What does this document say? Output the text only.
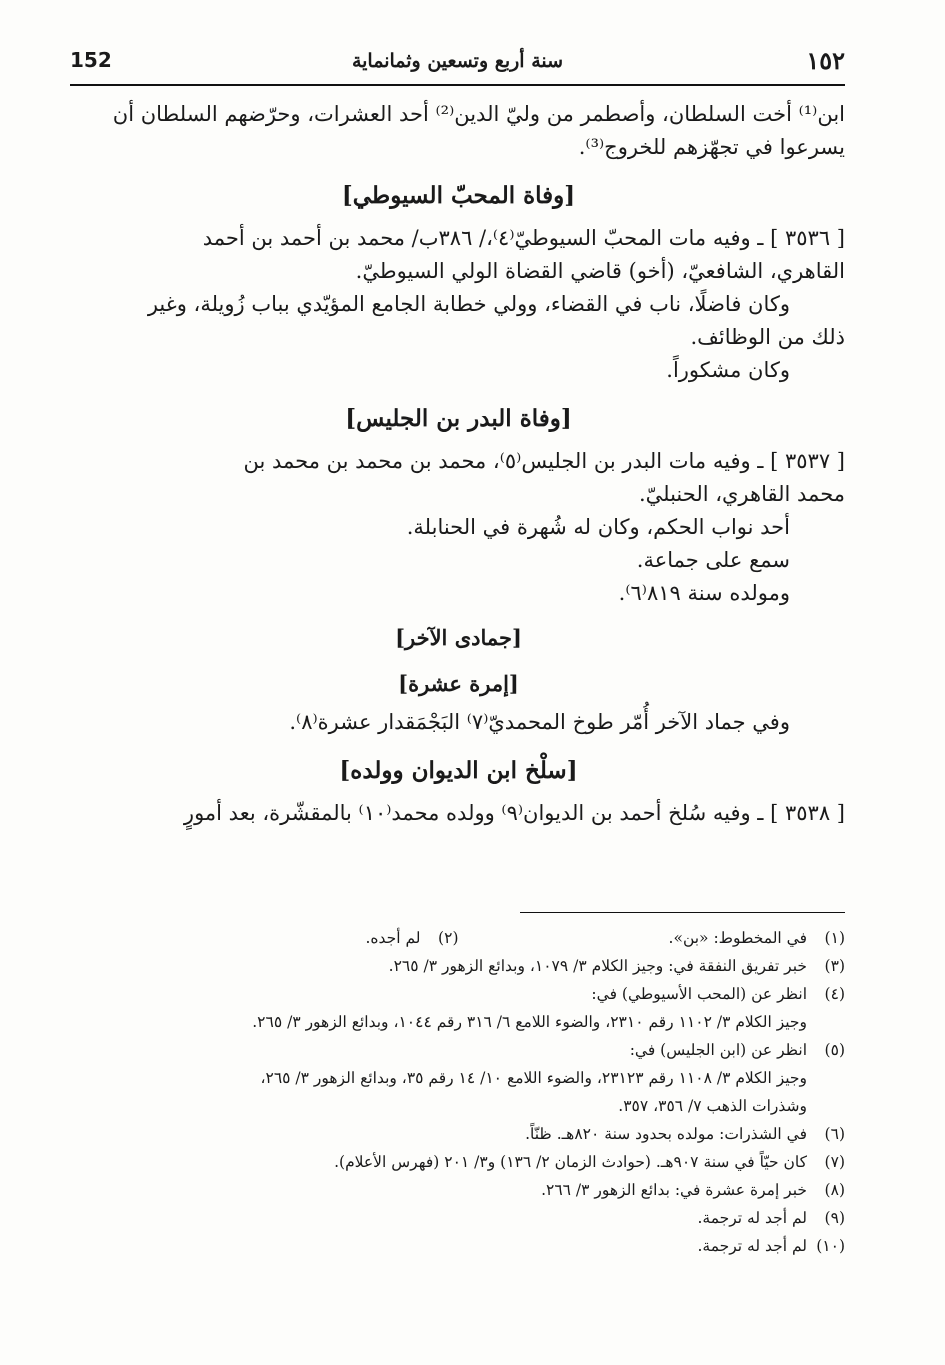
152	سنة أربع وتسعين وثمانماية	١٥٢

ابن⁽¹⁾ أخت السلطان، وأصطمر من وليّ الدين⁽²⁾ أحد العشرات، وحرّضهم السلطان أن

يسرعوا في تجهّزهم للخروج⁽³⁾.

[وفاة المحبّ السيوطي]

[ ٣٥٣٦ ] ـ وفيه مات المحبّ السيوطيّ⁽٤⁾،/ ٣٨٦ب/ محمد بن أحمد بن أحمد

القاهري، الشافعيّ، (أخو) قاضي القضاة الولي السيوطيّ.

وكان فاضلًا، ناب في القضاء، وولي خطابة الجامع المؤيّدي بباب زُويلة، وغير

ذلك من الوظائف.

وكان مشكوراً.

[وفاة البدر بن الجليس]

[ ٣٥٣٧ ] ـ وفيه مات البدر بن الجليس⁽٥⁾، محمد بن محمد بن محمد بن

محمد القاهري، الحنبليّ.

أحد نواب الحكم، وكان له شُهرة في الحنابلة.

سمع على جماعة.

ومولده سنة ٨١٩⁽٦⁾.

[جمادى الآخر]
[إمرة عشرة]

وفي جماد الآخر أُمّر طوخ المحمديّ⁽٧⁾ البَجْمَقدار عشرة⁽٨⁾.

[سلْخ ابن الديوان وولده]

[ ٣٥٣٨ ] ـ وفيه سُلخ أحمد بن الديوان⁽٩⁾ وولده محمد⁽١٠⁾ بالمقشّرة، بعد أمورٍ

(١)
في المخطوط: «بن».

(٢)
لم أجده.

(٣)
خبر تفريق النفقة في: وجيز الكلام ٣/ ١٠٧٩، وبدائع الزهور ٣/ ٢٦٥.

(٤)
انظر عن (المحب الأسيوطي) في:

وجيز الكلام ٣/ ١١٠٢ رقم ٢٣١٠، والضوء اللامع ٦/ ٣١٦ رقم ١٠٤٤، وبدائع الزهور ٣/ ٢٦٥.

(٥)
انظر عن (ابن الجليس) في:

وجيز الكلام ٣/ ١١٠٨ رقم ٢٣١٢٣، والضوء اللامع ١٠/ ١٤ رقم ٣٥، وبدائع الزهور ٣/ ٢٦٥،

وشذرات الذهب ٧/ ٣٥٦، ٣٥٧.

(٦)
في الشذرات: مولده بحدود سنة ٨٢٠هـ. ظنّاً.

(٧)
كان حيّاً في سنة ٩٠٧هـ. (حوادث الزمان ٢/ ١٣٦) و٣/ ٢٠١ (فهرس الأعلام).

(٨)
خبر إمرة عشرة في: بدائع الزهور ٣/ ٢٦٦.

(٩)
لم أجد له ترجمة.

(١٠)
لم أجد له ترجمة.
